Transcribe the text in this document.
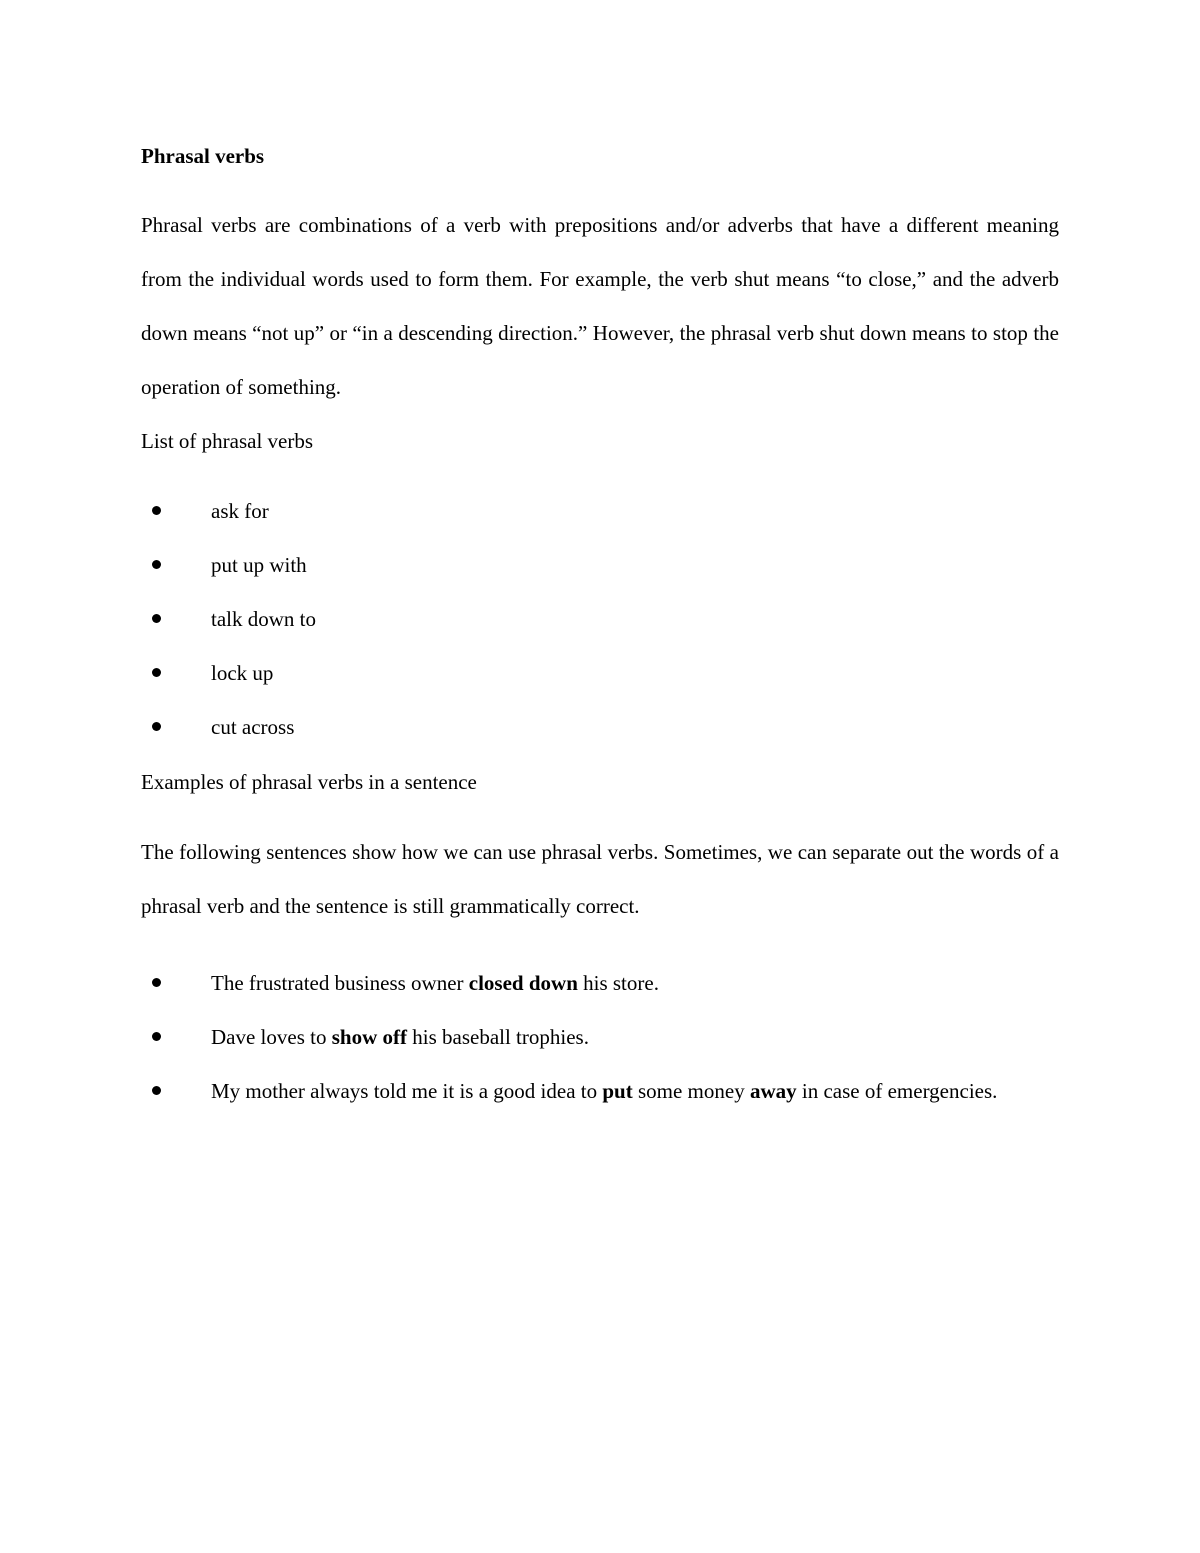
Phrasal verbs

Phrasal verbs are combinations of a verb with prepositions and/or adverbs that have a different meaning from the individual words used to form them. For example, the verb shut means “to close,” and the adverb down means “not up” or “in a descending direction.” However, the phrasal verb shut down means to stop the operation of something.

List of phrasal verbs

ask for
put up with
talk down to
lock up
cut across

Examples of phrasal verbs in a sentence

The following sentences show how we can use phrasal verbs. Sometimes, we can separate out the words of a phrasal verb and the sentence is still grammatically correct.

The frustrated business owner closed down his store.
Dave loves to show off his baseball trophies.
My mother always told me it is a good idea to put some money away in case of emergencies.
